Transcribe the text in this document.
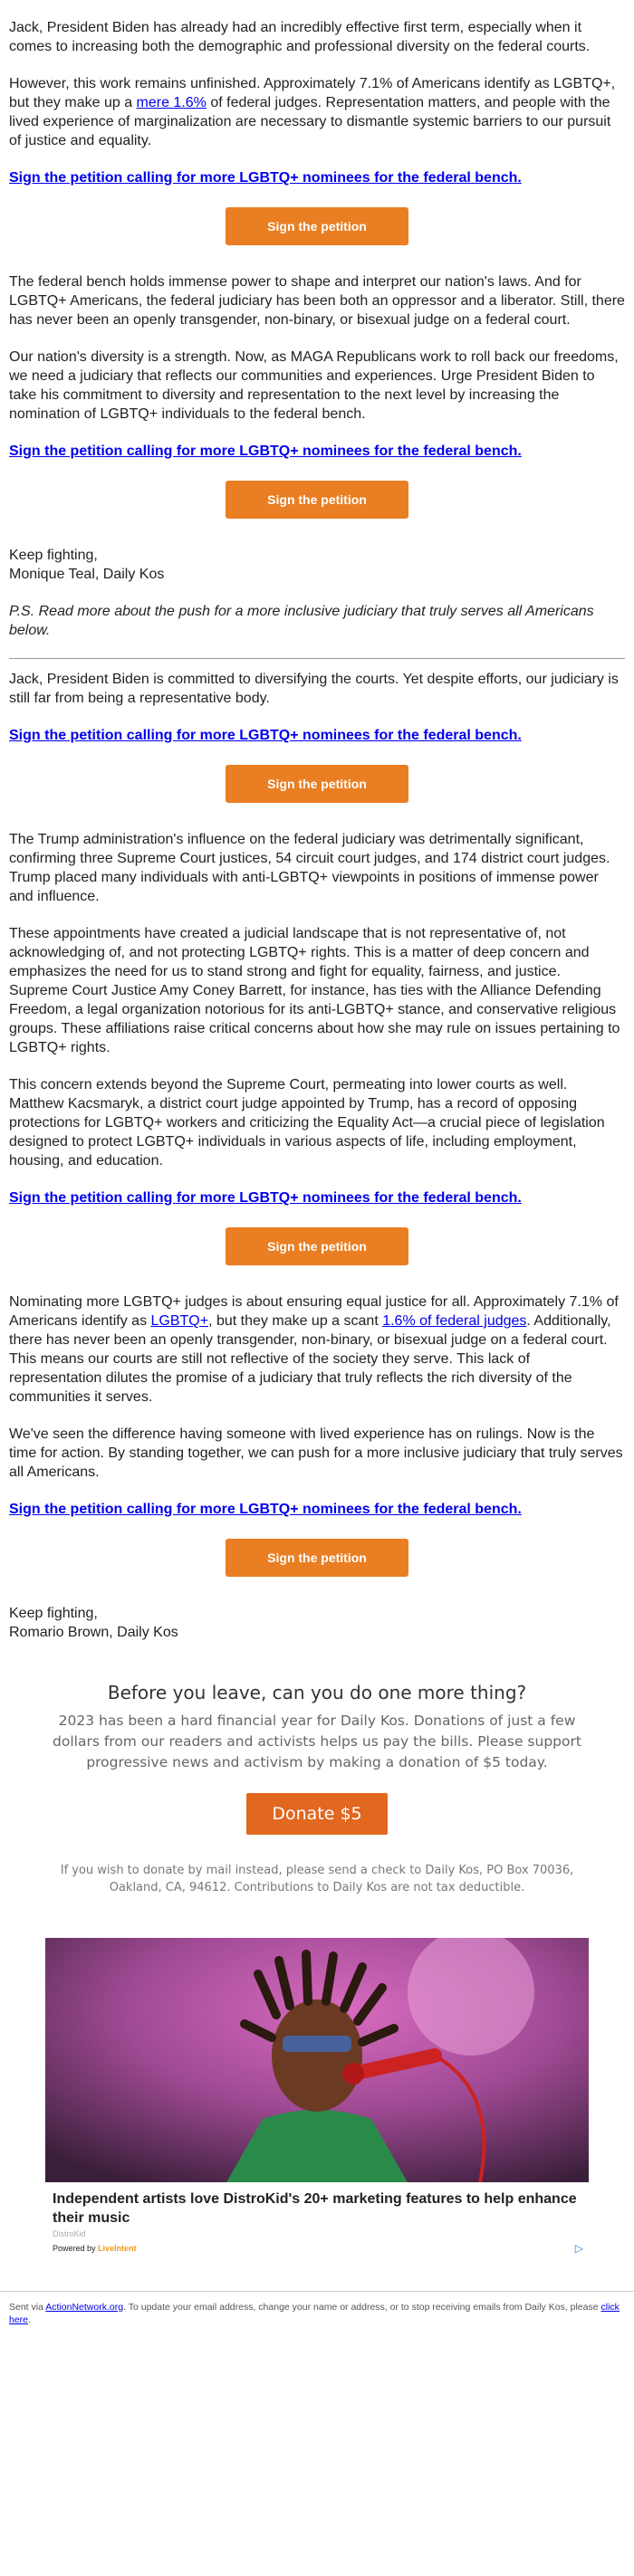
Jack, President Biden has already had an incredibly effective first term, especially when it comes to increasing both the demographic and professional diversity on the federal courts.

However, this work remains unfinished. Approximately 7.1% of Americans identify as LGBTQ+, but they make up a mere 1.6% of federal judges. Representation matters, and people with the lived experience of marginalization are necessary to dismantle systemic barriers to our pursuit of justice and equality.

Sign the petition calling for more LGBTQ+ nominees for the federal bench.
Sign the petition

The federal bench holds immense power to shape and interpret our nation's laws. And for LGBTQ+ Americans, the federal judiciary has been both an oppressor and a liberator. Still, there has never been an openly transgender, non-binary, or bisexual judge on a federal court.

Our nation's diversity is a strength. Now, as MAGA Republicans work to roll back our freedoms, we need a judiciary that reflects our communities and experiences. Urge President Biden to take his commitment to diversity and representation to the next level by increasing the nomination of LGBTQ+ individuals to the federal bench.

Sign the petition calling for more LGBTQ+ nominees for the federal bench.
Sign the petition

Keep fighting,
Monique Teal, Daily Kos

P.S. Read more about the push for a more inclusive judiciary that truly serves all Americans below.

Jack, President Biden is committed to diversifying the courts. Yet despite efforts, our judiciary is still far from being a representative body.

Sign the petition calling for more LGBTQ+ nominees for the federal bench.
Sign the petition

The Trump administration's influence on the federal judiciary was detrimentally significant, confirming three Supreme Court justices, 54 circuit court judges, and 174 district court judges. Trump placed many individuals with anti-LGBTQ+ viewpoints in positions of immense power and influence.

These appointments have created a judicial landscape that is not representative of, not acknowledging of, and not protecting LGBTQ+ rights. This is a matter of deep concern and emphasizes the need for us to stand strong and fight for equality, fairness, and justice.

Supreme Court Justice Amy Coney Barrett, for instance, has ties with the Alliance Defending Freedom, a legal organization notorious for its anti-LGBTQ+ stance, and conservative religious groups. These affiliations raise critical concerns about how she may rule on issues pertaining to LGBTQ+ rights.

This concern extends beyond the Supreme Court, permeating into lower courts as well. Matthew Kacsmaryk, a district court judge appointed by Trump, has a record of opposing protections for LGBTQ+ workers and criticizing the Equality Act—a crucial piece of legislation designed to protect LGBTQ+ individuals in various aspects of life, including employment, housing, and education.

Sign the petition calling for more LGBTQ+ nominees for the federal bench.
Sign the petition

Nominating more LGBTQ+ judges is about ensuring equal justice for all. Approximately 7.1% of Americans identify as LGBTQ+, but they make up a scant 1.6% of federal judges. Additionally, there has never been an openly transgender, non-binary, or bisexual judge on a federal court. This means our courts are still not reflective of the society they serve. This lack of representation dilutes the promise of a judiciary that truly reflects the rich diversity of the communities it serves.

We've seen the difference having someone with lived experience has on rulings. Now is the time for action. By standing together, we can push for a more inclusive judiciary that truly serves all Americans.

Sign the petition calling for more LGBTQ+ nominees for the federal bench.
Sign the petition

Keep fighting,
Romario Brown, Daily Kos

Before you leave, can you do one more thing?
2023 has been a hard financial year for Daily Kos. Donations of just a few dollars from our readers and activists helps us pay the bills. Please support progressive news and activism by making a donation of $5 today.
Donate $5
If you wish to donate by mail instead, please send a check to Daily Kos, PO Box 70036, Oakland, CA, 94612. Contributions to Daily Kos are not tax deductible.
Independent artists love DistroKid's 20+ marketing features to help enhance their music
DistroKid
Powered by LiveIntent	▷
Sent via ActionNetwork.org. To update your email address, change your name or address, or to stop receiving emails from Daily Kos, please click here.
